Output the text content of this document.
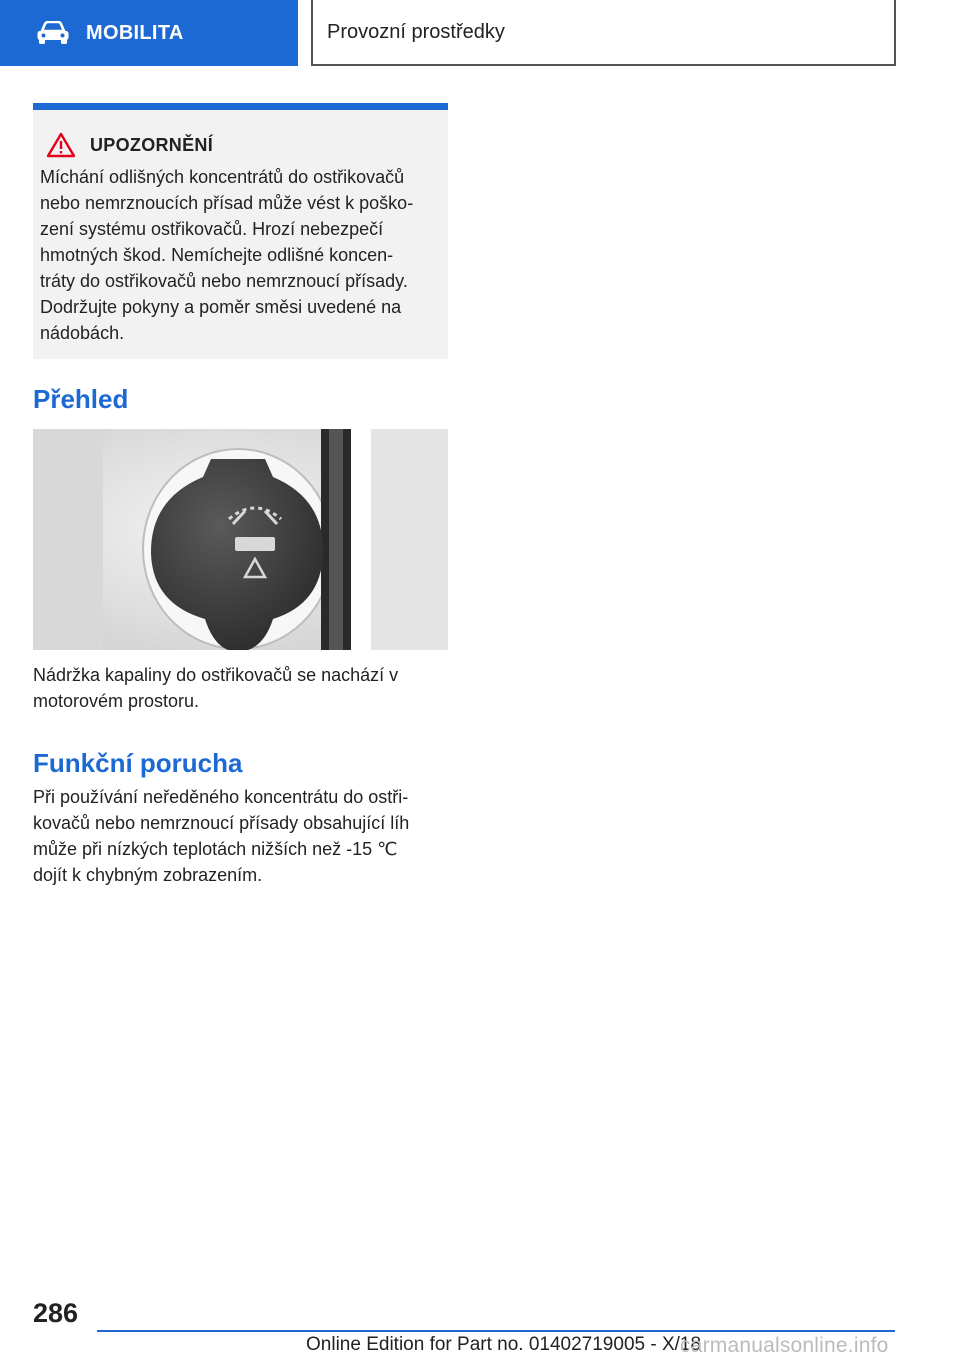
MOBILITA	Provozní prostředky
UPOZORNĚNÍ
Míchání odlišných koncentrátů do ostřikovačů
nebo nemrznoucích přísad může vést k poško-
zení systému ostřikovačů. Hrozí nebezpečí
hmotných škod. Nemíchejte odlišné koncen-
tráty do ostřikovačů nebo nemrznoucí přísady.
Dodržujte pokyny a poměr směsi uvedené na
nádobách.
Přehled
Nádržka kapaliny do ostřikovačů se nachází v
motorovém prostoru.
Funkční porucha
Při používání neředěného koncentrátu do ostři-
kovačů nebo nemrznoucí přísady obsahující líh
může při nízkých teplotách nižších než -15 ℃
dojít k chybným zobrazením.
286
Online Edition for Part no. 01402719005 - X/18
carmanualsonline.info
